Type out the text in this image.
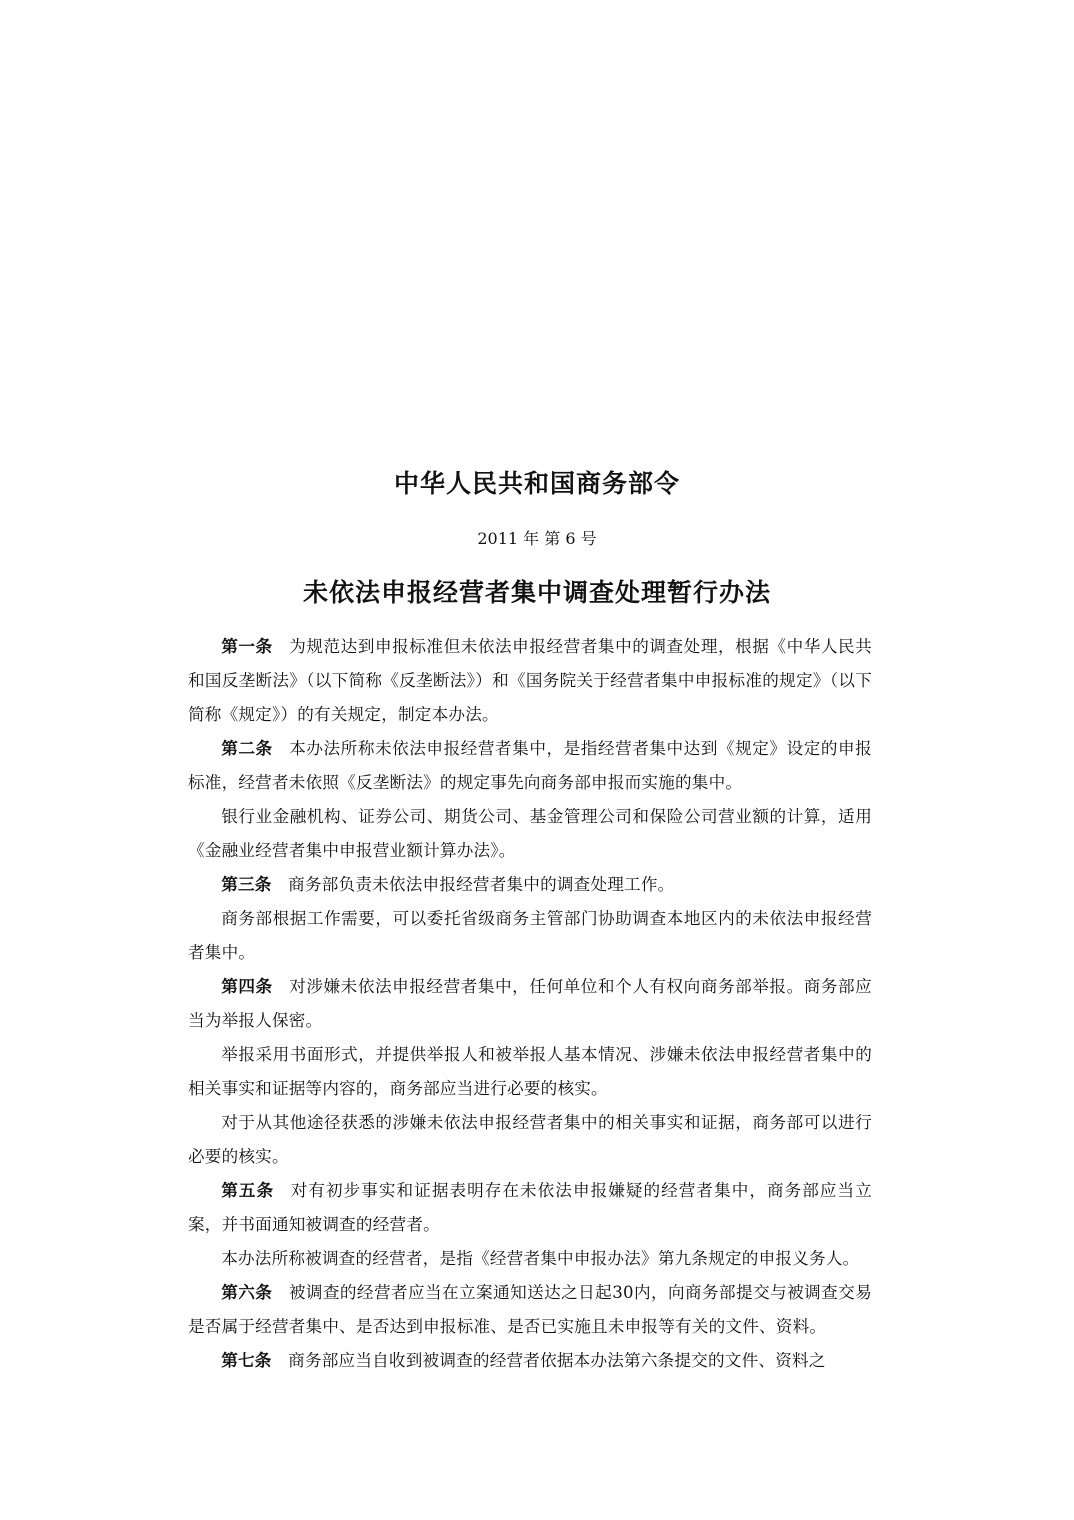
中华人民共和国商务部令
2011 年 第 6 号
未依法申报经营者集中调查处理暂行办法

第一条 为规范达到申报标准但未依法申报经营者集中的调查处理，根据《中华人民共和国反垄断法》（以下简称《反垄断法》）和《国务院关于经营者集中申报标准的规定》（以下简称《规定》）的有关规定，制定本办法。

第二条 本办法所称未依法申报经营者集中，是指经营者集中达到《规定》设定的申报标准，经营者未依照《反垄断法》的规定事先向商务部申报而实施的集中。

银行业金融机构、证券公司、期货公司、基金管理公司和保险公司营业额的计算，适用《金融业经营者集中申报营业额计算办法》。

第三条 商务部负责未依法申报经营者集中的调查处理工作。

商务部根据工作需要，可以委托省级商务主管部门协助调查本地区内的未依法申报经营者集中。

第四条 对涉嫌未依法申报经营者集中，任何单位和个人有权向商务部举报。商务部应当为举报人保密。

举报采用书面形式，并提供举报人和被举报人基本情况、涉嫌未依法申报经营者集中的相关事实和证据等内容的，商务部应当进行必要的核实。

对于从其他途径获悉的涉嫌未依法申报经营者集中的相关事实和证据，商务部可以进行必要的核实。

第五条 对有初步事实和证据表明存在未依法申报嫌疑的经营者集中，商务部应当立案，并书面通知被调查的经营者。

本办法所称被调查的经营者，是指《经营者集中申报办法》第九条规定的申报义务人。

第六条 被调查的经营者应当在立案通知送达之日起30内，向商务部提交与被调查交易是否属于经营者集中、是否达到申报标准、是否已实施且未申报等有关的文件、资料。

第七条 商务部应当自收到被调查的经营者依据本办法第六条提交的文件、资料之
